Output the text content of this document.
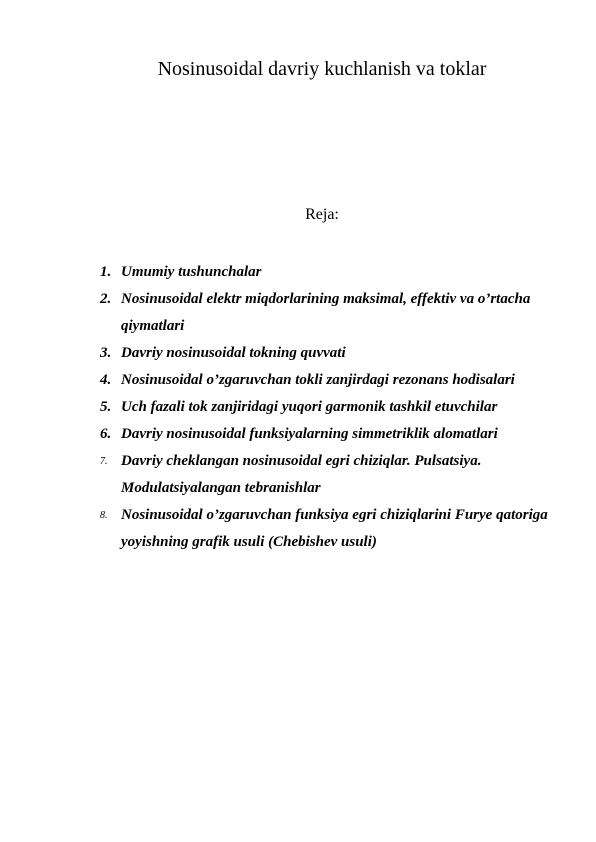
Nosinusoidal davriy kuchlanish va toklar

Reja:

1. Umumiy tushunchalar
2. Nosinusoidal elektr miqdorlarining maksimal, effektiv va o’rtacha qiymatlari
3. Davriy nosinusoidal tokning quvvati
4. Nosinusoidal o’zgaruvchan tokli zanjirdagi rezonans hodisalari
5. Uch fazali tok zanjiridagi yuqori garmonik tashkil etuvchilar
6. Davriy nosinusoidal funksiyalarning simmetriklik alomatlari
7. Davriy cheklangan nosinusoidal egri chiziqlar. Pulsatsiya. Modulatsiyalangan tebranishlar
8. Nosinusoidal o’zgaruvchan funksiya egri chiziqlarini Furye qatoriga yoyishning grafik usuli (Chebishev usuli)
